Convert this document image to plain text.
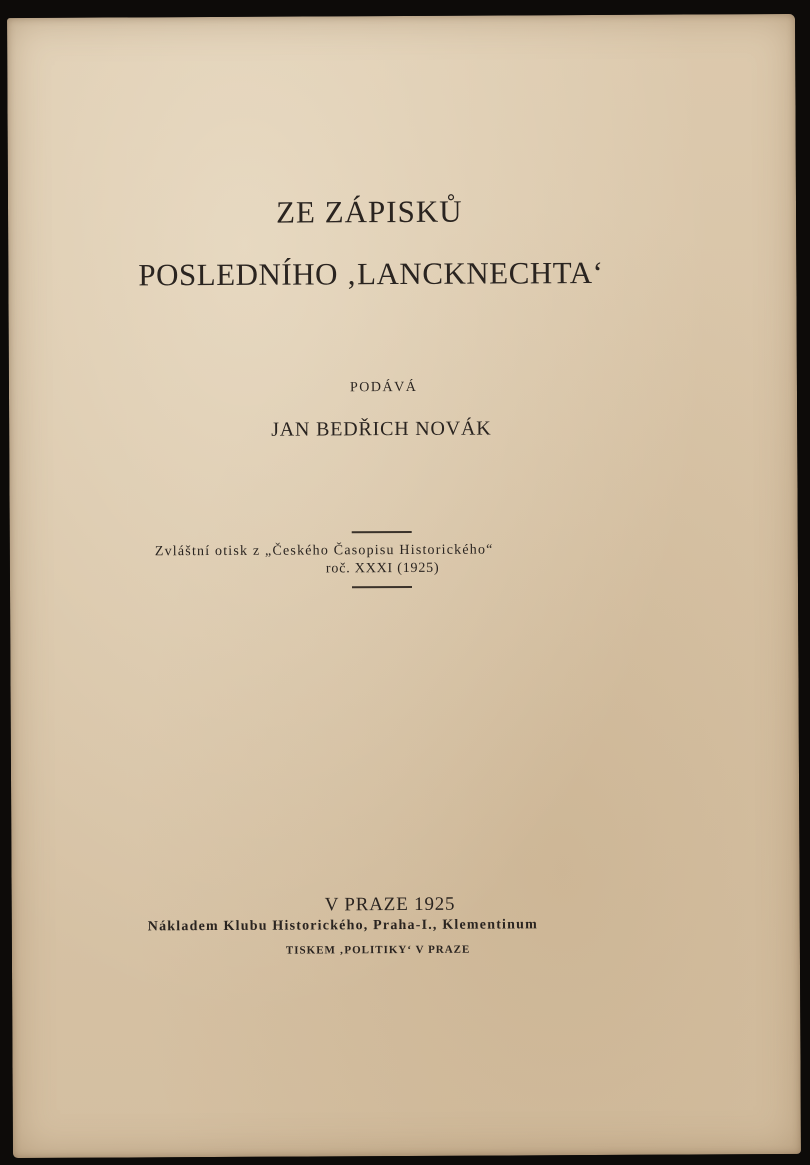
ZE ZÁPISKŮ
POSLEDNÍHO ‚LANCKNECHTA‘
PODÁVÁ
JAN BEDŘICH NOVÁK
Zvláštní otisk z „Českého Časopisu Historického“
roč. XXXI (1925)
V PRAZE 1925
Nákladem Klubu Historického, Praha-I., Klementinum
TISKEM ‚POLITIKY‘ V PRAZE
